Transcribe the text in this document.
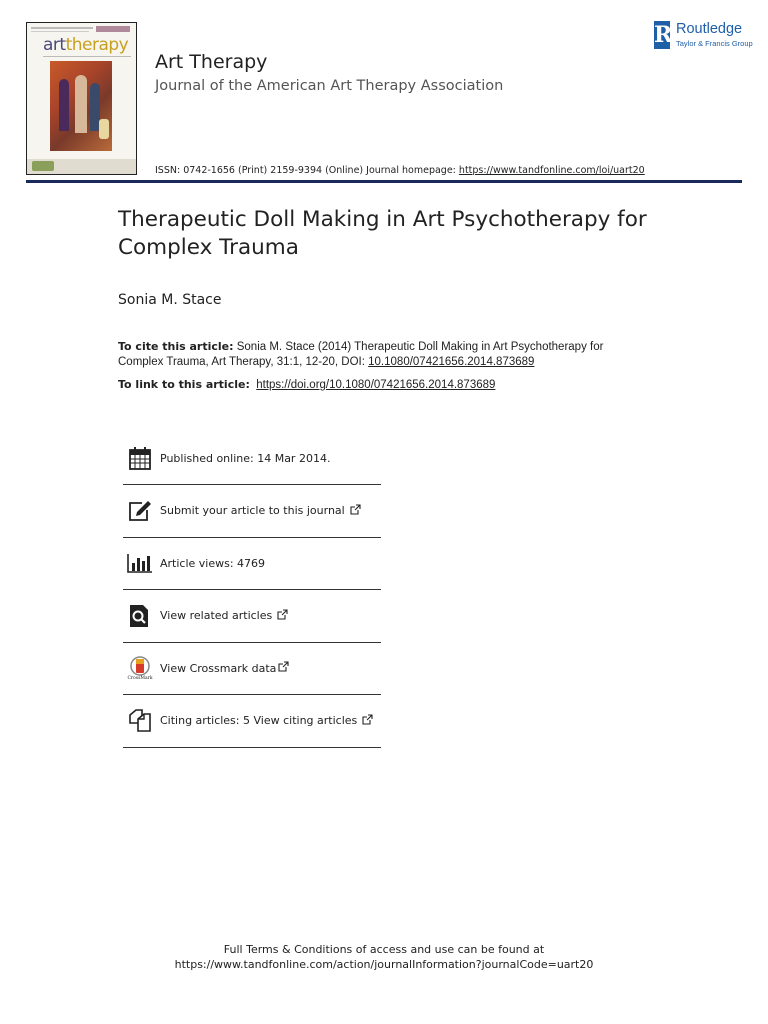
arttherapy
Art Therapy
Journal of the American Art Therapy Association
ISSN: 0742-1656 (Print) 2159-9394 (Online) Journal homepage: https://www.tandfonline.com/loi/uart20
R Routledge
Taylor & Francis Group
Therapeutic Doll Making in Art Psychotherapy for Complex Trauma
Sonia M. Stace
To cite this article: Sonia M. Stace (2014) Therapeutic Doll Making in Art Psychotherapy for Complex Trauma, Art Therapy, 31:1, 12-20, DOI: 10.1080/07421656.2014.873689
To link to this article: https://doi.org/10.1080/07421656.2014.873689
Published online: 14 Mar 2014.
Submit your article to this journal
Article views: 4769
View related articles
CrossMark
View Crossmark data
Citing articles: 5 View citing articles
Full Terms & Conditions of access and use can be found at
https://www.tandfonline.com/action/journalInformation?journalCode=uart20
